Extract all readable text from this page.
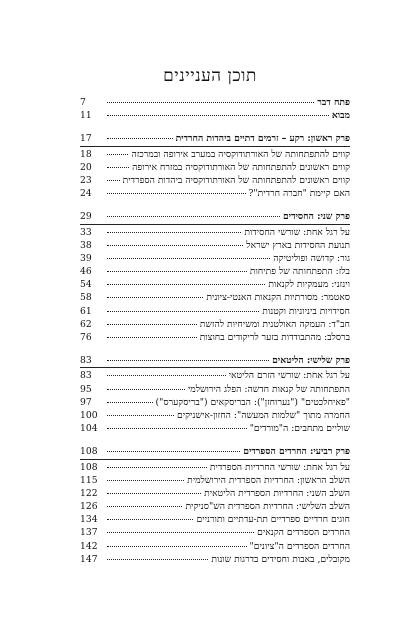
תוכן העניינים
פתח דבר
7
מבוא
11
פרק ראשון: רקע – זרמים דתיים ביהדות החרדית
17
קווים להתפתחותה של האורתודוקסיה במערב אירופה ובמרכזה
18
קווים ראשונים להתפתחותה של האורתודוקסיה במזרח אירופה
20
קווים ראשונים להתפתחותה של האורתודוקסיה ביהדות הספרדית
23
האם קיימת "חברה חרדית"?
24
פרק שני: החסידים
29
על רגל אחת: שורשי החסידות
33
תנועת החסידות בארץ ישראל
38
גור: קדושה ופוליטיקה
39
בלז: התפתחותה של פתיחות
46
וינזני: מעמקיות לקנאות
54
סאטמר: מסורתיות הקנאות האנטי-ציונית
58
חסידויות ביניוניות וקטנות
61
חב"ד: העמקה האולטנית ומשיחיות להזשת
62
ברסלב: מהתבודדות בזער לריקודים בחוצות
76
פרק שלישי: הליטאים
83
על רגל אחת: שורשי הזרם הליטאי
83
התפתחותה של קנאות חדשה: הפלג הירושלמי
95
"פאיחלכטים" ("נערוחזן"): הבריסקאים ("בריסקערס")
97
החמרה מתוך "שלמות המעשה": החזון-אישניקים
100
שוליים מתחבים: ה"מורדים"
104
פרק רביעי: החרדים הספרדים
108
על רגל אחת: שורשי החרדיות הספרדית
108
השלב הראשון: החרדיות הספרדית הירושלמית
115
השלב השני: החרדיות הספרדית הליטאית
122
השלב השלישי: החרדיות הספרדית הש"סניקית
126
חוגים חרדיים ספרדיים תת-עדתיים ותורניים
134
החרדים הספרדים הקנאים
137
החרדים הספרדים ה"ציונים"
142
מקובלים, באבות וחסידים בדרגות שונות
147
